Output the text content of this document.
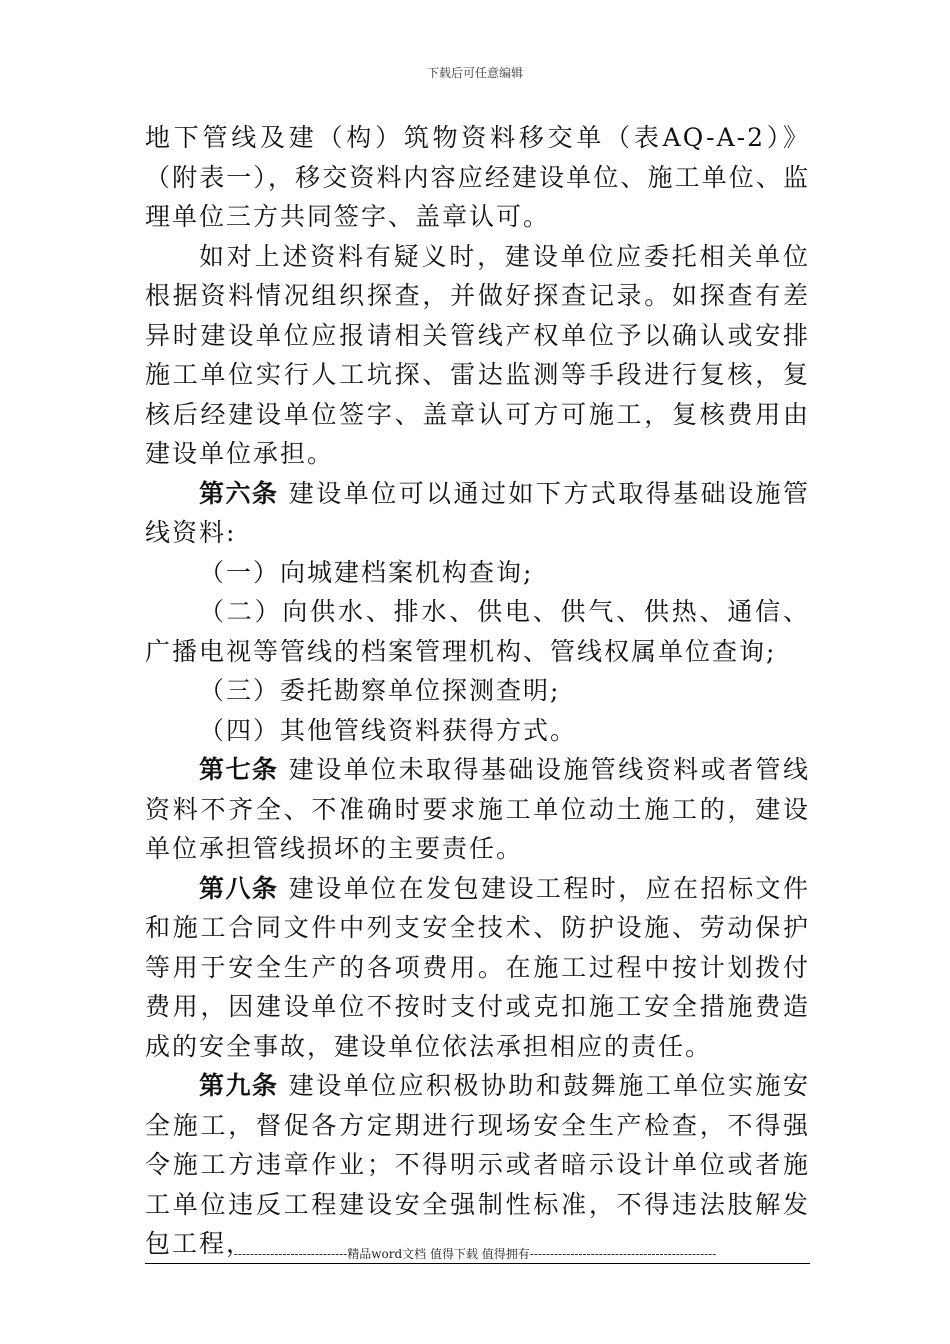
下载后可任意编辑

地下管线及建（构）筑物资料移交单（表AQ-A-2）》（附表一），移交资料内容应经建设单位、施工单位、监理单位三方共同签字、盖章认可。

如对上述资料有疑义时，建设单位应委托相关单位根据资料情况组织探查，并做好探查记录。如探查有差异时建设单位应报请相关管线产权单位予以确认或安排施工单位实行人工坑探、雷达监测等手段进行复核，复核后经建设单位签字、盖章认可方可施工，复核费用由建设单位承担。

第六条 建设单位可以通过如下方式取得基础设施管线资料:

（一）向城建档案机构查询;

（二）向供水、排水、供电、供气、供热、通信、广播电视等管线的档案管理机构、管线权属单位查询;

（三）委托勘察单位探测查明;

（四）其他管线资料获得方式。

第七条 建设单位未取得基础设施管线资料或者管线资料不齐全、不准确时要求施工单位动土施工的，建设单位承担管线损坏的主要责任。

第八条 建设单位在发包建设工程时，应在招标文件和施工合同文件中列支安全技术、防护设施、劳动保护等用于安全生产的各项费用。在施工过程中按计划拨付费用，因建设单位不按时支付或克扣施工安全措施费造成的安全事故，建设单位依法承担相应的责任。

第九条 建设单位应积极协助和鼓舞施工单位实施安全施工，督促各方定期进行现场安全生产检查，不得强令施工方违章作业；不得明示或者暗示设计单位或者施工单位违反工程建设安全强制性标准，不得违法肢解发包工程，

----------------------------精品word文档 值得下载 值得拥有----------------------------------------------
